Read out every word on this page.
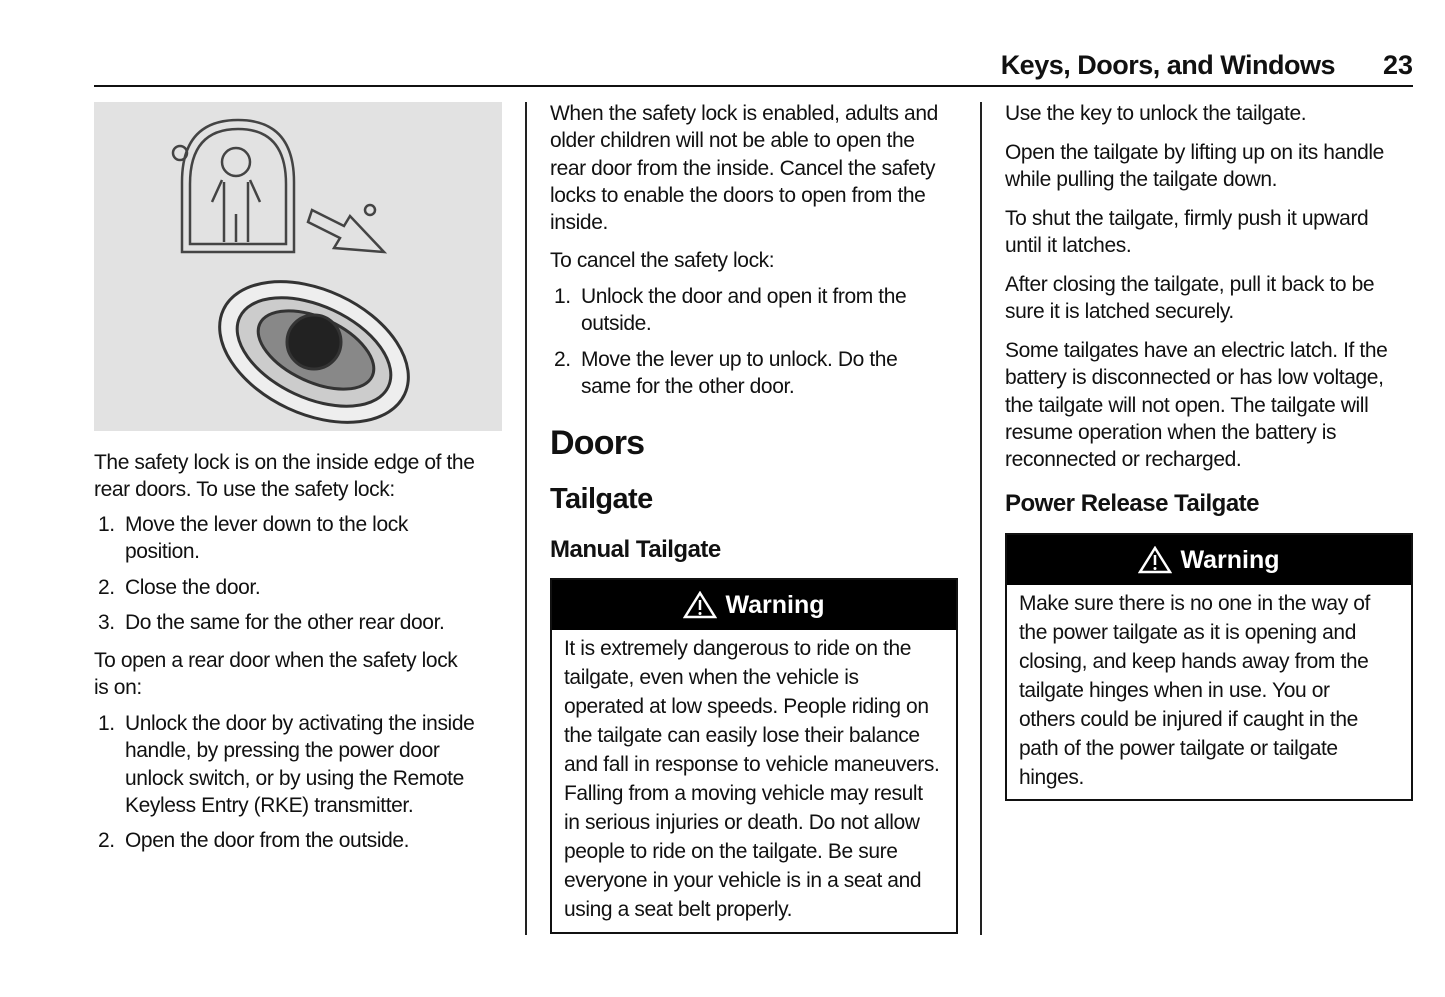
Keys, Doors, and Windows 23
The safety lock is on the inside edge of the
rear doors. To use the safety lock:
1. Move the lever down to the lock
position.
2. Close the door.
3. Do the same for the other rear door.
To open a rear door when the safety lock
is on:
1. Unlock the door by activating the inside
handle, by pressing the power door
unlock switch, or by using the Remote
Keyless Entry (RKE) transmitter.
2. Open the door from the outside.
When the safety lock is enabled, adults and
older children will not be able to open the
rear door from the inside. Cancel the safety
locks to enable the doors to open from the
inside.
To cancel the safety lock:
1. Unlock the door and open it from the
outside.
2. Move the lever up to unlock. Do the
same for the other door.
Doors
Tailgate
Manual Tailgate
Warning
It is extremely dangerous to ride on the
tailgate, even when the vehicle is
operated at low speeds. People riding on
the tailgate can easily lose their balance
and fall in response to vehicle maneuvers.
Falling from a moving vehicle may result
in serious injuries or death. Do not allow
people to ride on the tailgate. Be sure
everyone in your vehicle is in a seat and
using a seat belt properly.
Use the key to unlock the tailgate.
Open the tailgate by lifting up on its handle
while pulling the tailgate down.
To shut the tailgate, firmly push it upward
until it latches.
After closing the tailgate, pull it back to be
sure it is latched securely.
Some tailgates have an electric latch. If the
battery is disconnected or has low voltage,
the tailgate will not open. The tailgate will
resume operation when the battery is
reconnected or recharged.
Power Release Tailgate
Warning
Make sure there is no one in the way of
the power tailgate as it is opening and
closing, and keep hands away from the
tailgate hinges when in use. You or
others could be injured if caught in the
path of the power tailgate or tailgate
hinges.
